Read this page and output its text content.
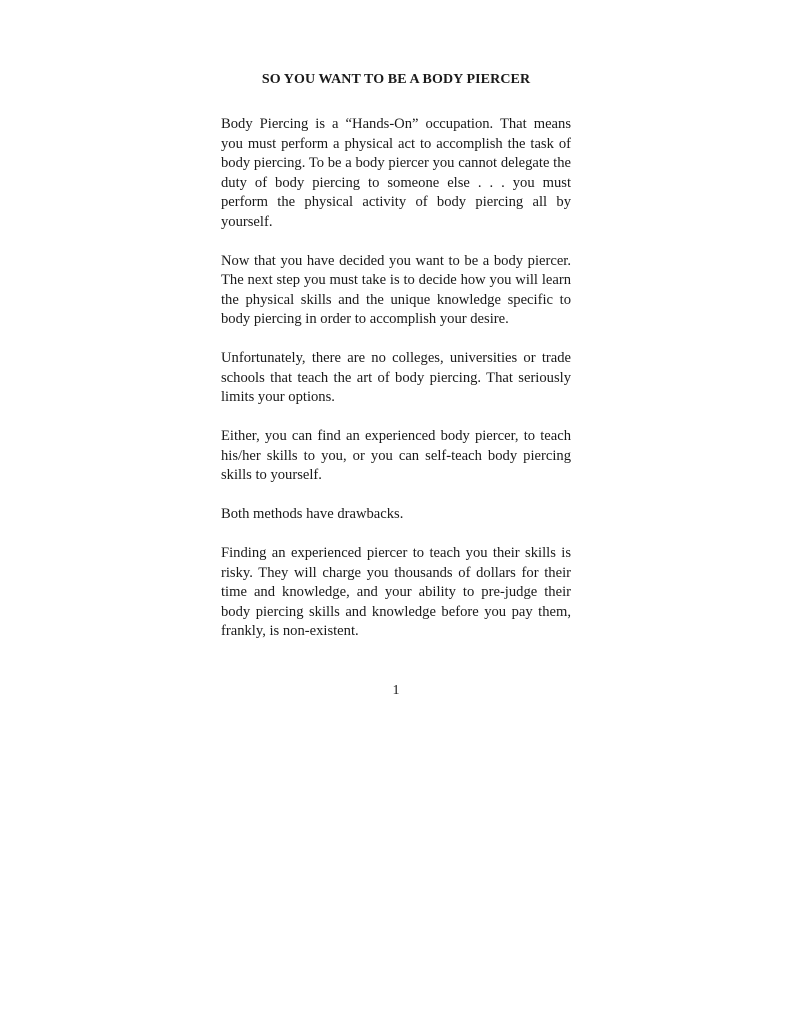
SO YOU WANT TO BE A BODY PIERCER

Body Piercing is a “Hands-On” occupation. That means you must perform a physical act to accomplish the task of body piercing. To be a body piercer you cannot delegate the duty of body piercing to someone else . . . you must perform the physical activity of body piercing all by yourself.

Now that you have decided you want to be a body piercer. The next step you must take is to decide how you will learn the physical skills and the unique knowledge specific to body piercing in order to accomplish your desire.

Unfortunately, there are no colleges, universities or trade schools that teach the art of body piercing. That seriously limits your options.

Either, you can find an experienced body piercer, to teach his/her skills to you, or you can self-teach body piercing skills to yourself.

Both methods have drawbacks.

Finding an experienced piercer to teach you their skills is risky. They will charge you thousands of dollars for their time and knowledge, and your ability to pre-judge their body piercing skills and knowledge before you pay them, frankly, is non-existent.

1
